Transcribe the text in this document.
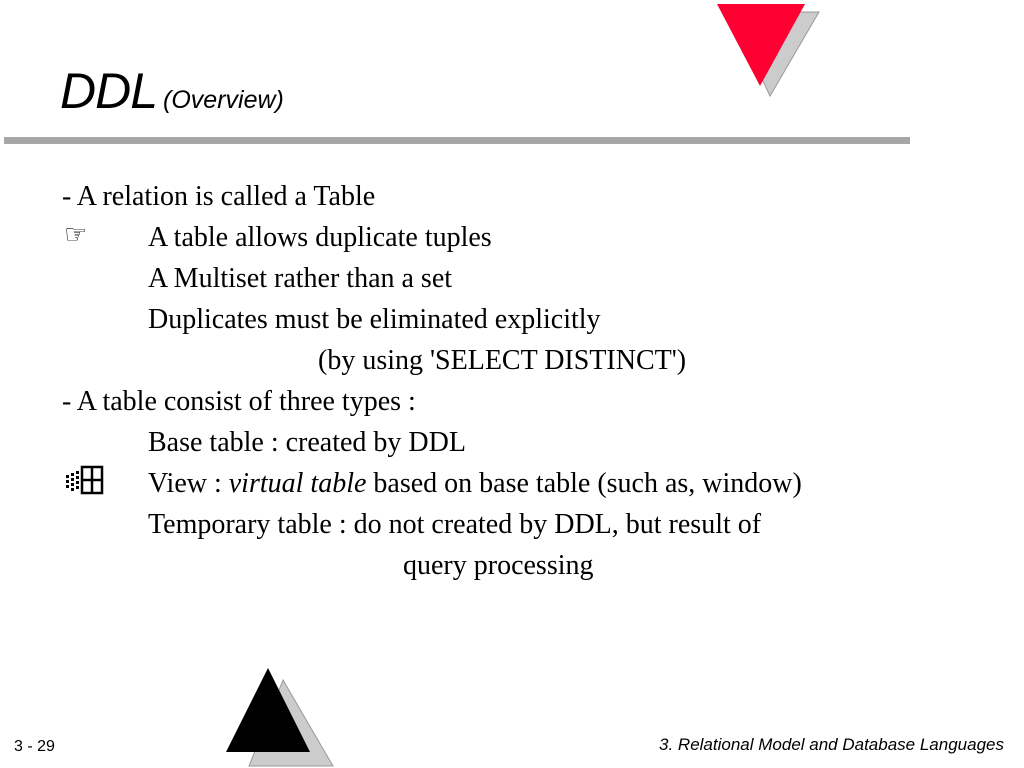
DDL (Overview)
☞
- A relation is called a Table
A table allows duplicate tuples
A Multiset rather than a set
Duplicates must be eliminated explicitly
(by using 'SELECT DISTINCT')
- A table consist of three types :
Base table : created by DDL
View : virtual table based on base table (such as, window)
Temporary table : do not created by DDL, but result of
query processing
3 - 29	3. Relational Model and Database Languages
